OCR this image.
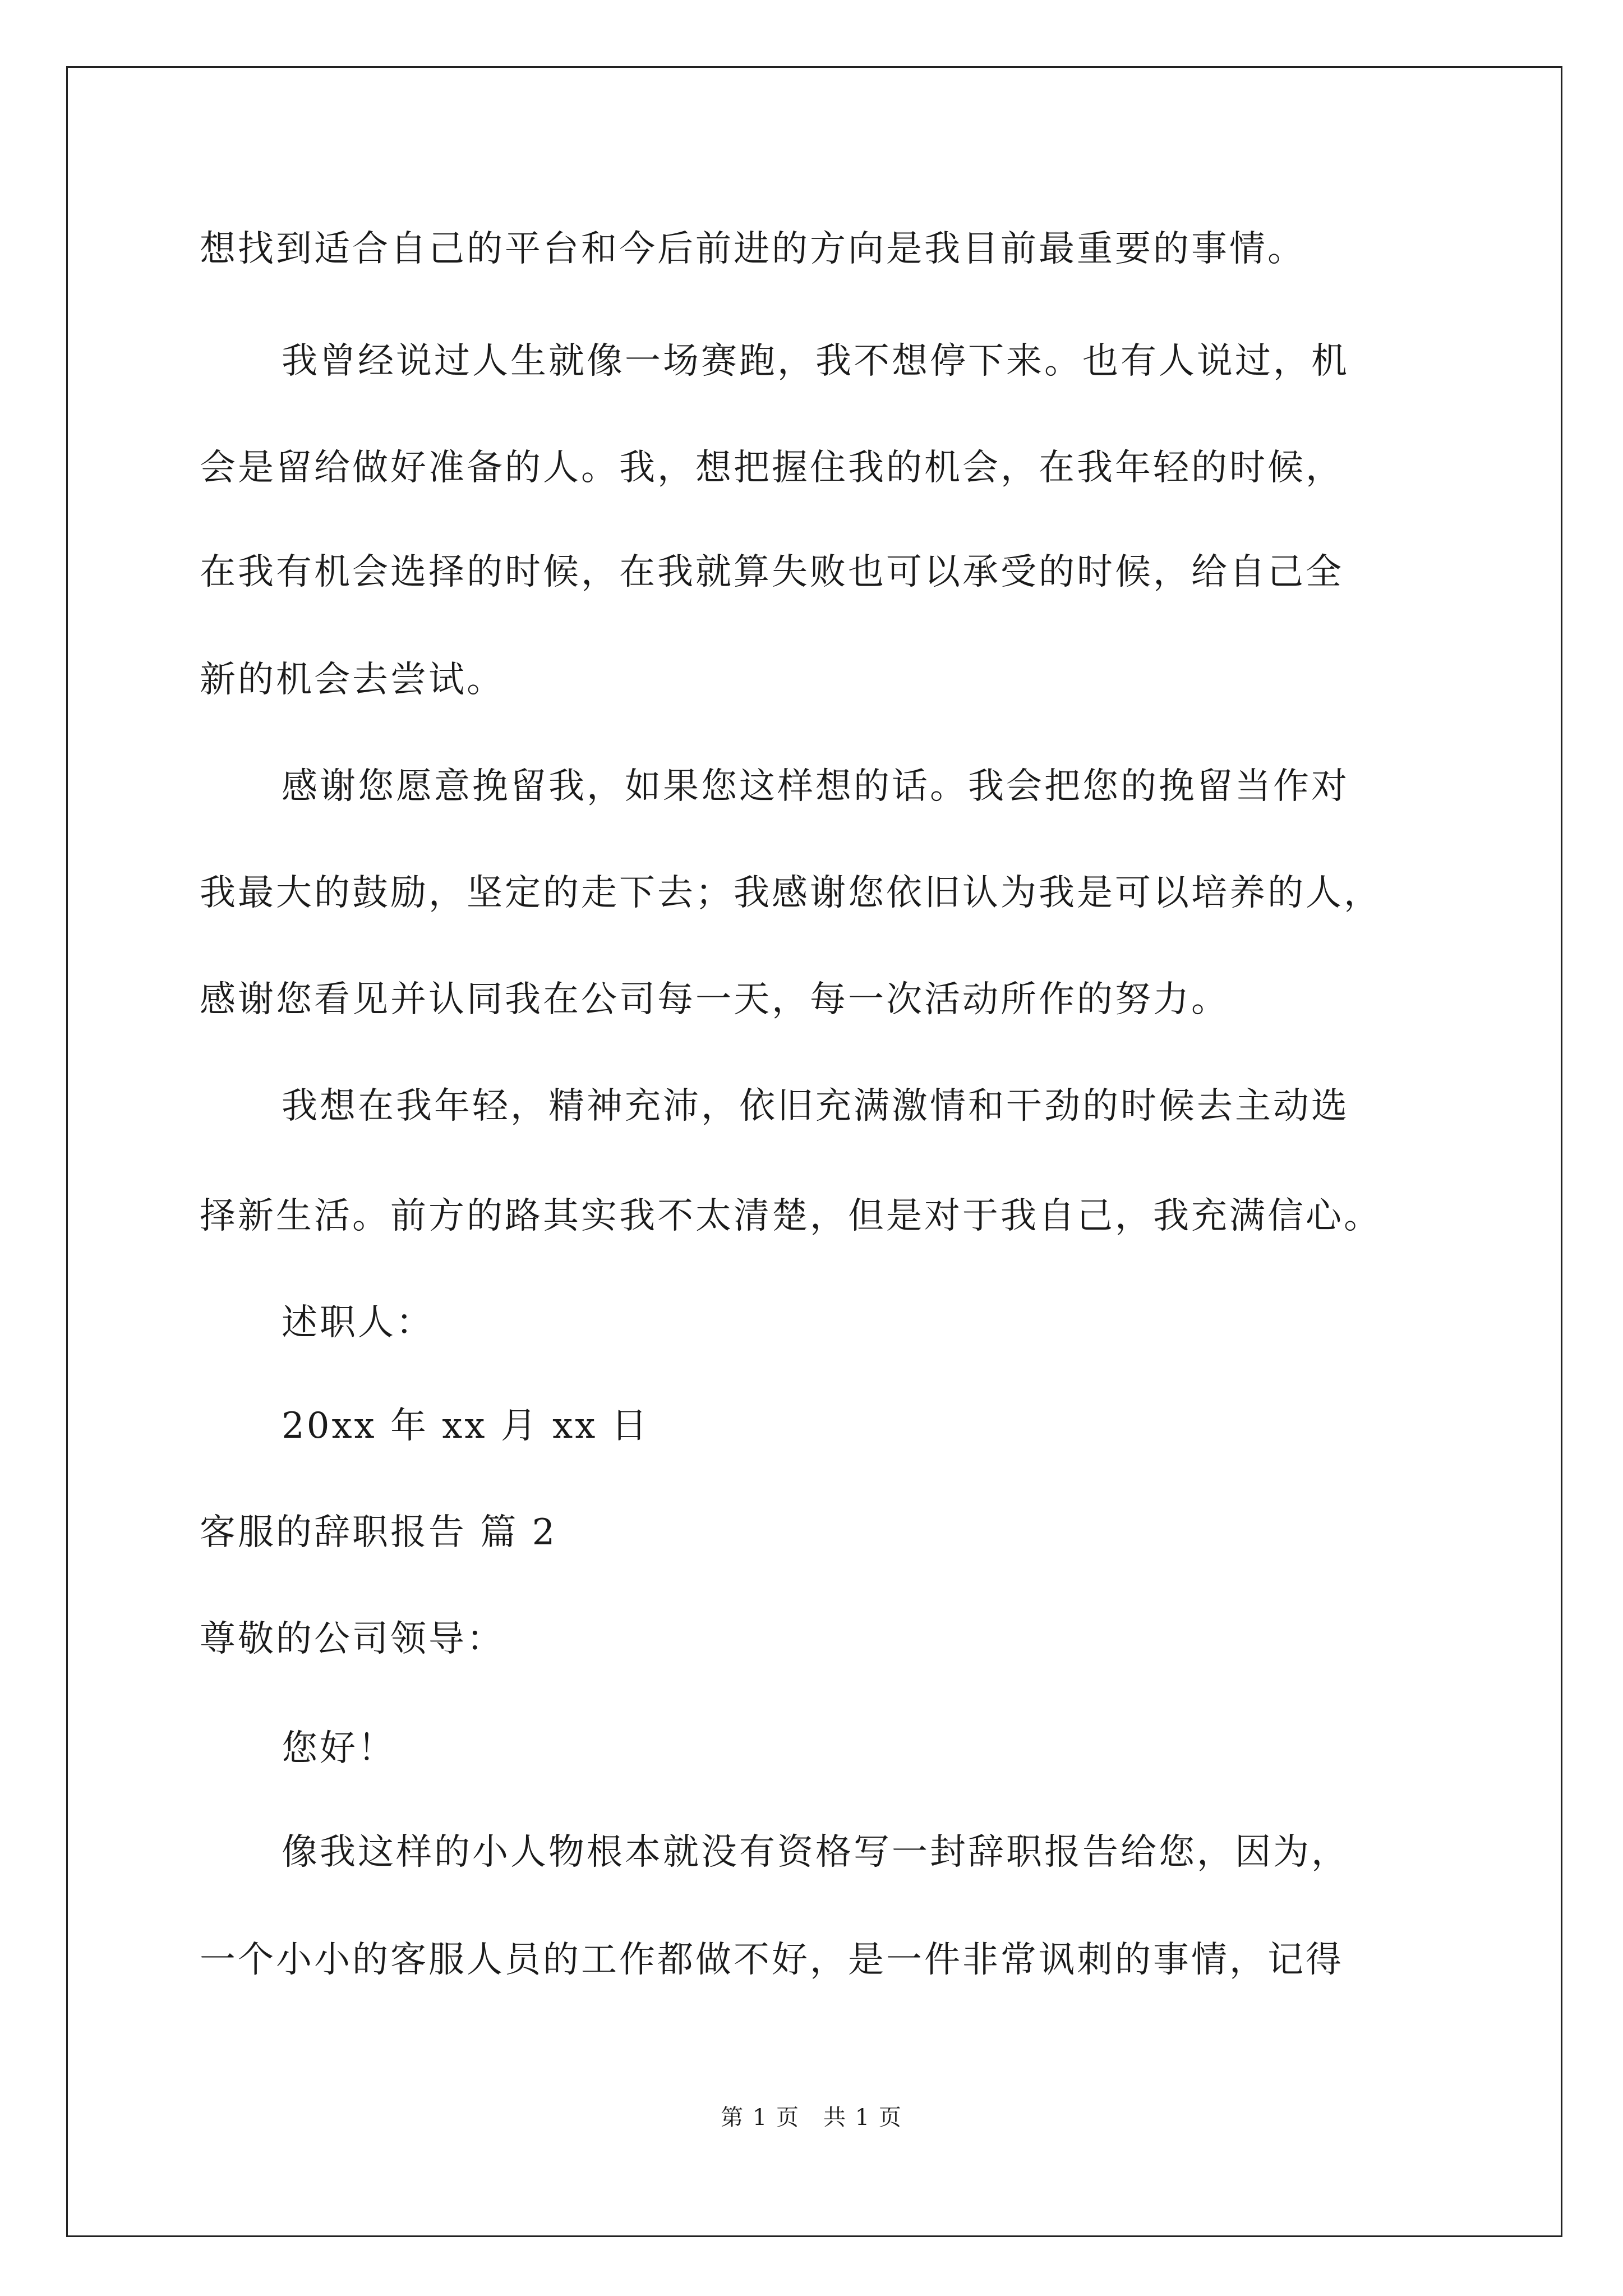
想找到适合自己的平台和今后前进的方向是我目前最重要的事情。
我曾经说过人生就像一场赛跑，我不想停下来。也有人说过，机
会是留给做好准备的人。我，想把握住我的机会，在我年轻的时候，
在我有机会选择的时候，在我就算失败也可以承受的时候，给自己全
新的机会去尝试。
感谢您愿意挽留我，如果您这样想的话。我会把您的挽留当作对
我最大的鼓励，坚定的走下去；我感谢您依旧认为我是可以培养的人，
感谢您看见并认同我在公司每一天，每一次活动所作的努力。
我想在我年轻，精神充沛，依旧充满激情和干劲的时候去主动选
择新生活。前方的路其实我不太清楚，但是对于我自己，我充满信心。
述职人：
20xx 年 xx 月 xx 日
客服的辞职报告 篇 2
尊敬的公司领导：
您好！
像我这样的小人物根本就没有资格写一封辞职报告给您，因为，
一个小小的客服人员的工作都做不好，是一件非常讽刺的事情，记得
第 1 页　共 1 页
